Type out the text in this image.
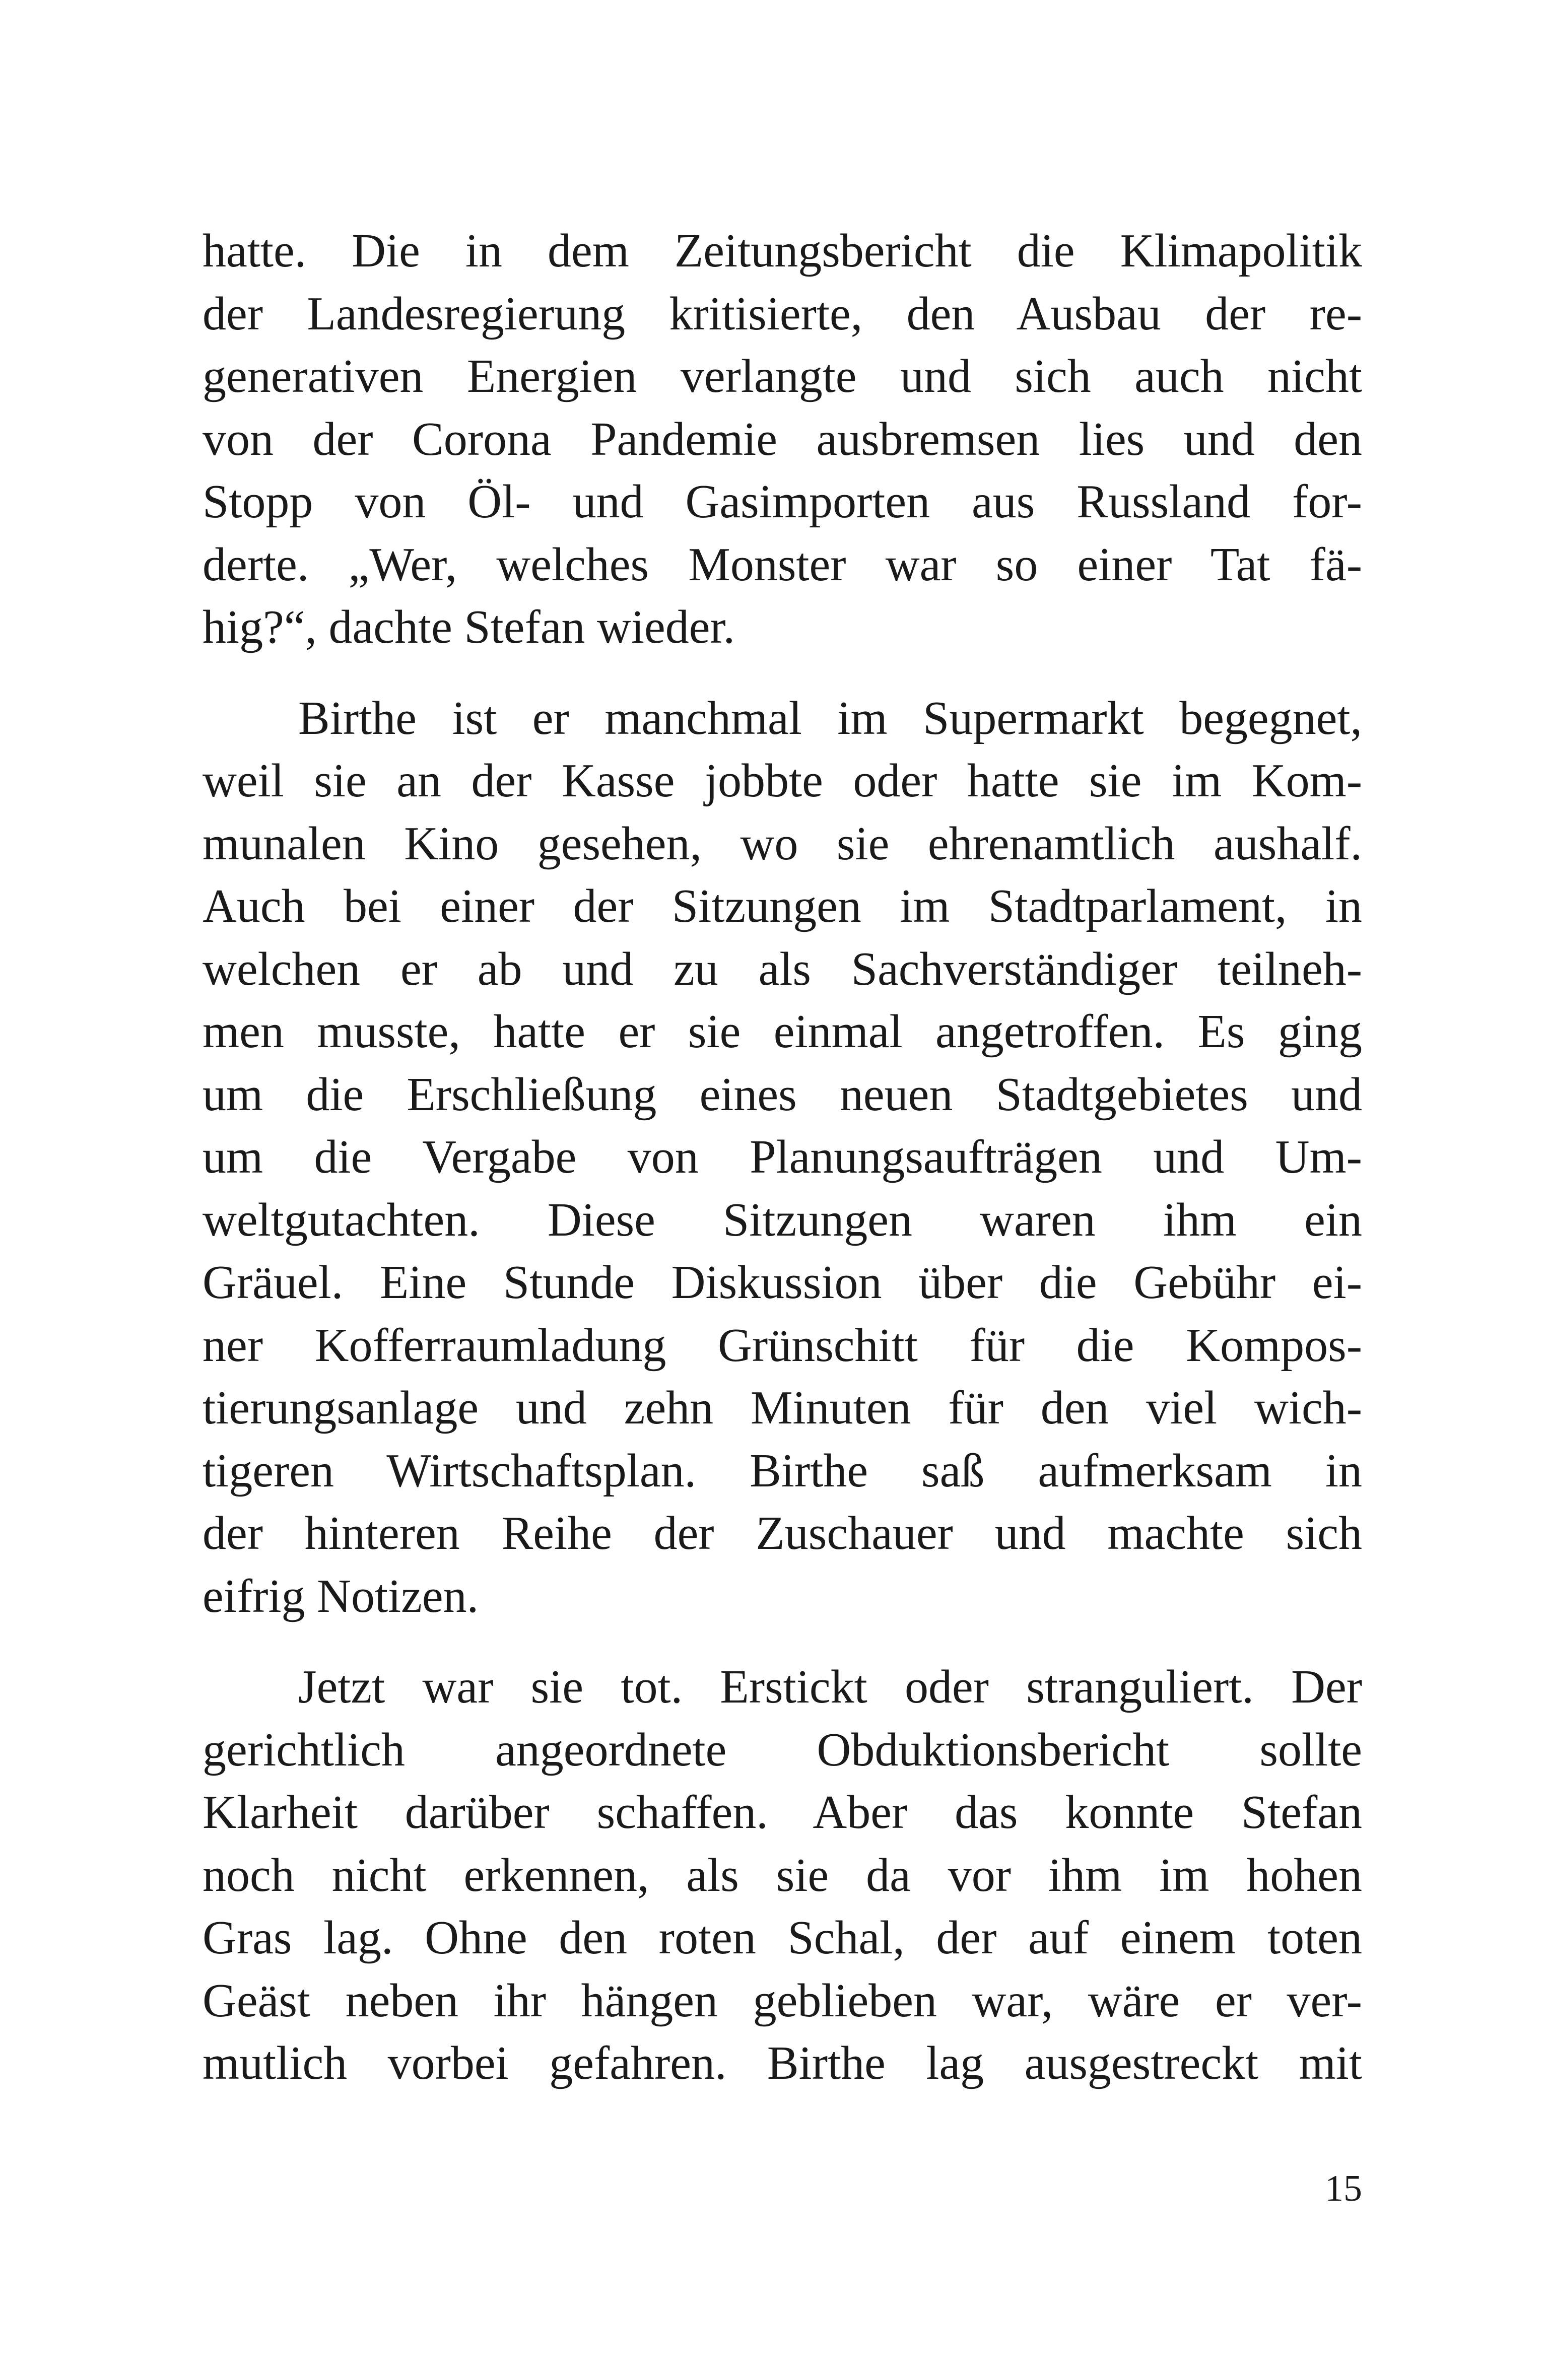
hatte. Die in dem Zeitungsbericht die Klimapolitik
der Landesregierung kritisierte, den Ausbau der re-
generativen Energien verlangte und sich auch nicht
von der Corona Pandemie ausbremsen lies und den
Stopp von Öl- und Gasimporten aus Russland for-
derte. „Wer, welches Monster war so einer Tat fä-
hig?“, dachte Stefan wieder.
Birthe ist er manchmal im Supermarkt begegnet,
weil sie an der Kasse jobbte oder hatte sie im Kom-
munalen Kino gesehen, wo sie ehrenamtlich aushalf.
Auch bei einer der Sitzungen im Stadtparlament, in
welchen er ab und zu als Sachverständiger teilneh-
men musste, hatte er sie einmal angetroffen. Es ging
um die Erschließung eines neuen Stadtgebietes und
um die Vergabe von Planungsaufträgen und Um-
weltgutachten. Diese Sitzungen waren ihm ein
Gräuel. Eine Stunde Diskussion über die Gebühr ei-
ner Kofferraumladung Grünschitt für die Kompos-
tierungsanlage und zehn Minuten für den viel wich-
tigeren Wirtschaftsplan. Birthe saß aufmerksam in
der hinteren Reihe der Zuschauer und machte sich
eifrig Notizen.
Jetzt war sie tot. Erstickt oder stranguliert. Der
gerichtlich angeordnete Obduktionsbericht sollte
Klarheit darüber schaffen. Aber das konnte Stefan
noch nicht erkennen, als sie da vor ihm im hohen
Gras lag. Ohne den roten Schal, der auf einem toten
Geäst neben ihr hängen geblieben war, wäre er ver-
mutlich vorbei gefahren. Birthe lag ausgestreckt mit
15
